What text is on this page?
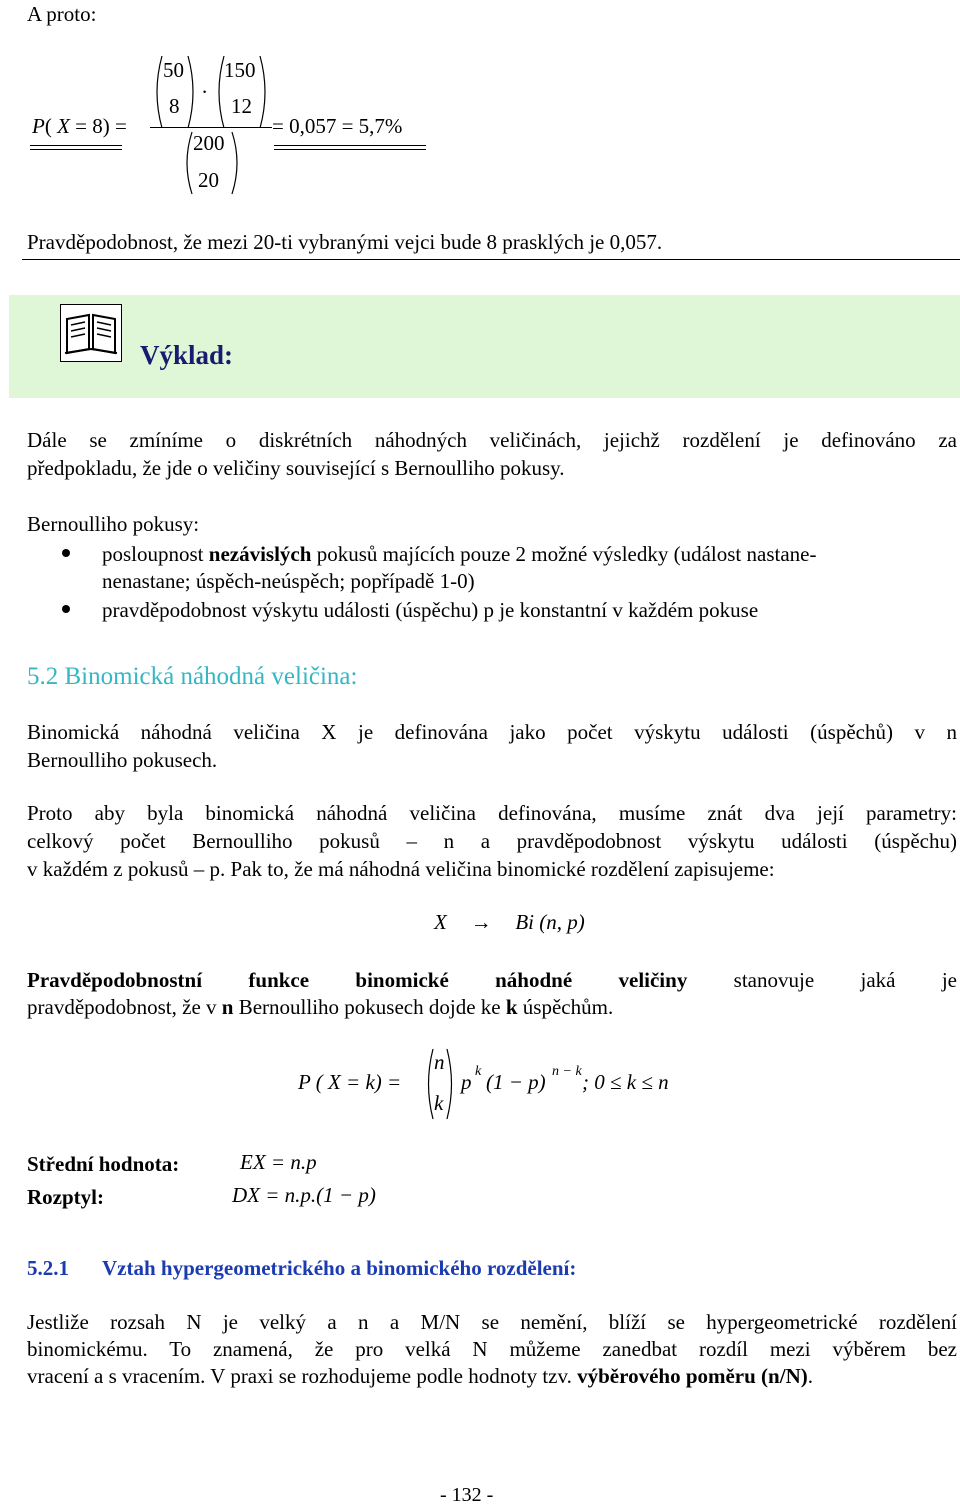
A proto:
P( X = 8) =
50
8
.
150
12
200
20
= 0,057 = 5,7%
Pravděpodobnost, že mezi 20-ti vybranými vejci bude 8 prasklých je 0,057.
Výklad:
Dále se zmíníme o diskrétních náhodných veličinách, jejichž rozdělení je definováno za
předpokladu, že jde o veličiny související s Bernoulliho pokusy.
Bernoulliho pokusy:
posloupnost nezávislých pokusů majících pouze 2 možné výsledky (událost nastane-
nenastane; úspěch-neúspěch; popřípadě 1-0)
pravděpodobnost výskytu události (úspěchu) p je konstantní v každém pokuse
5.2 Binomická náhodná veličina:
Binomická náhodná veličina X je definována jako počet výskytu události (úspěchů) v n
Bernoulliho pokusech.
Proto aby byla binomická náhodná veličina definována, musíme znát dva její parametry:
celkový počet Bernoulliho pokusů – n a pravděpodobnost výskytu události (úspěchu)
v každém z pokusů – p. Pak to, že má náhodná veličina binomické rozdělení zapisujeme:
X → Bi (n, p)
Pravděpodobnostní funkce binomické náhodné veličiny stanovuje jaká je
pravděpodobnost, že v n Bernoulliho pokusech dojde ke k úspěchům.
P ( X = k) =
n
k
p k (1 − p) n − k ; 0 ≤ k ≤ n
Střední hodnota:	EX = n.p
Rozptyl:	DX = n.p.(1 − p)
5.2.1 Vztah hypergeometrického a binomického rozdělení:
Jestliže rozsah N je velký a n a M/N se nemění, blíží se hypergeometrické rozdělení
binomickému. To znamená, že pro velká N můžeme zanedbat rozdíl mezi výběrem bez
vracení a s vracením. V praxi se rozhodujeme podle hodnoty tzv. výběrového poměru (n/N).
- 132 -
